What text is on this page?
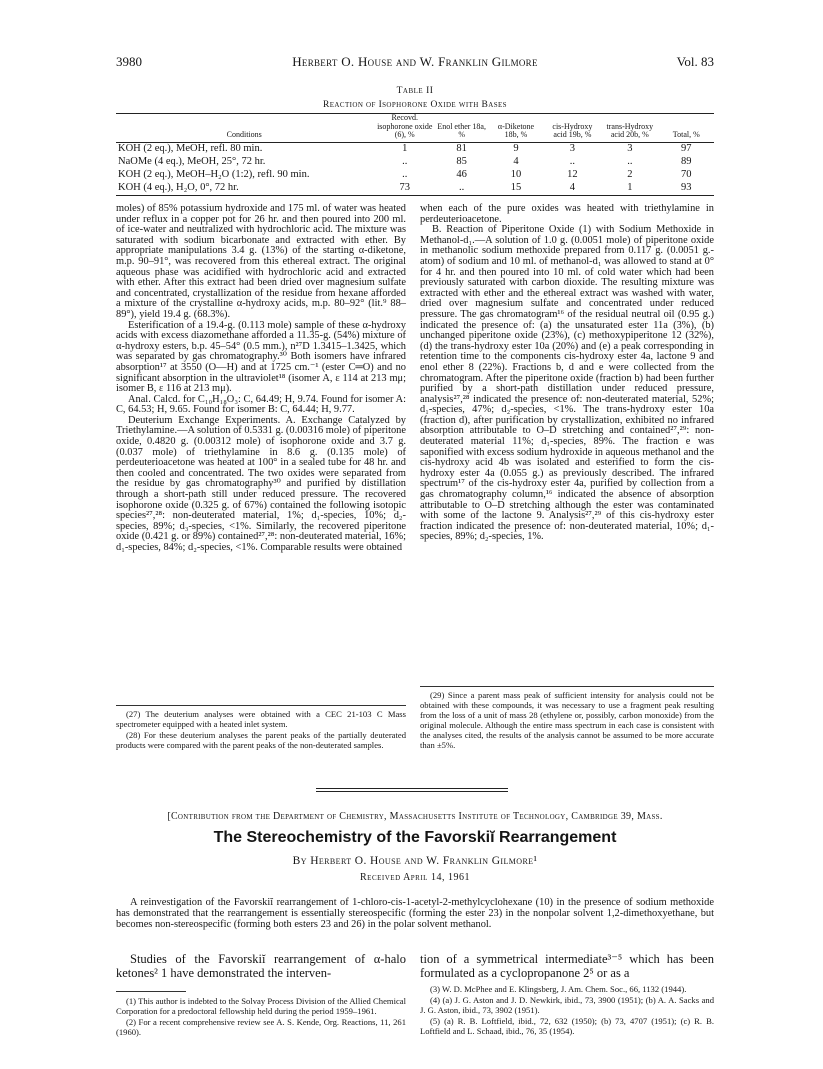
3980	Herbert O. House and W. Franklin Gilmore	Vol. 83
Table II
Reaction of Isophorone Oxide with Bases
Conditions	Recovd. isophorone oxide (6), %	Enol ether 18a, %	α-Diketone 18b, %	cis-Hydroxy acid 19b, %	trans-Hydroxy acid 20b, %	Total, %
KOH (2 eq.), MeOH, refl. 80 min.	1	81	9	3	3	97
NaOMe (4 eq.), MeOH, 25°, 72 hr.	..	85	4	..	..	89
KOH (2 eq.), MeOH–H₂O (1:2), refl. 90 min.	..	46	10	12	2	70
KOH (4 eq.), H₂O, 0°, 72 hr.	73	..	15	4	1	93

moles) of 85% potassium hydroxide and 175 ml. of water was heated under reflux in a copper pot for 26 hr. and then poured into 200 ml. of ice-water and neutralized with hydrochloric acid. The mixture was saturated with sodium bicarbonate and extracted with ether. By appropriate manipulations 3.4 g. (13%) of the starting α-diketone, m.p. 90–91°, was recovered from this ethereal extract. The original aqueous phase was acidified with hydrochloric acid and extracted with ether. After this extract had been dried over magnesium sulfate and concentrated, crystallization of the residue from hexane afforded a mixture of the crystalline α-hydroxy acids, m.p. 80–92° (lit.⁹ 88–89°), yield 19.4 g. (68.3%).

Esterification of a 19.4-g. (0.113 mole) sample of these α-hydroxy acids with excess diazomethane afforded a 11.35-g. (54%) mixture of α-hydroxy esters, b.p. 45–54° (0.5 mm.), n²⁷D 1.3415–1.3425, which was separated by gas chromatography.³⁰ Both isomers have infrared absorption¹⁷ at 3550 (O—H) and at 1725 cm.⁻¹ (ester C═O) and no significant absorption in the ultraviolet¹⁸ (isomer A, ε 114 at 213 mμ; isomer B, ε 116 at 213 mμ).

Anal. Calcd. for C₁₀H₁₈O₃: C, 64.49; H, 9.74. Found for isomer A: C, 64.53; H, 9.65. Found for isomer B: C, 64.44; H, 9.77.

Deuterium Exchange Experiments. A. Exchange Catalyzed by Triethylamine.—A solution of 0.5331 g. (0.00316 mole) of piperitone oxide, 0.4820 g. (0.00312 mole) of isophorone oxide and 3.7 g. (0.037 mole) of triethylamine in 8.6 g. (0.135 mole) of perdeuterioacetone was heated at 100° in a sealed tube for 48 hr. and then cooled and concentrated. The two oxides were separated from the residue by gas chromatography³⁰ and purified by distillation through a short-path still under reduced pressure. The recovered isophorone oxide (0.325 g. of 67%) contained the following isotopic species²⁷,²⁸: non-deuterated material, 1%; d₁-species, 10%; d₂-species, 89%; d₃-species, <1%. Similarly, the recovered piperitone oxide (0.421 g. or 89%) contained²⁷,²⁸: non-deuterated material, 16%; d₁-species, 84%; d₂-species, <1%. Comparable results were obtained

(27) The deuterium analyses were obtained with a CEC 21-103 C Mass spectrometer equipped with a heated inlet system.

(28) For these deuterium analyses the parent peaks of the partially deuterated products were compared with the parent peaks of the non-deuterated samples.

when each of the pure oxides was heated with triethylamine in perdeuterioacetone.

B. Reaction of Piperitone Oxide (1) with Sodium Methoxide in Methanol-d₁.—A solution of 1.0 g. (0.0051 mole) of piperitone oxide in methanolic sodium methoxide prepared from 0.117 g. (0.0051 g.-atom) of sodium and 10 ml. of methanol-d₁ was allowed to stand at 0° for 4 hr. and then poured into 10 ml. of cold water which had been previously saturated with carbon dioxide. The resulting mixture was extracted with ether and the ethereal extract was washed with water, dried over magnesium sulfate and concentrated under reduced pressure. The gas chromatogram¹⁶ of the residual neutral oil (0.95 g.) indicated the presence of: (a) the unsaturated ester 11a (3%), (b) unchanged piperitone oxide (23%), (c) methoxypiperitone 12 (32%), (d) the trans-hydroxy ester 10a (20%) and (e) a peak corresponding in retention time to the components cis-hydroxy ester 4a, lactone 9 and enol ether 8 (22%). Fractions b, d and e were collected from the chromatogram. After the piperitone oxide (fraction b) had been further purified by a short-path distillation under reduced pressure, analysis²⁷,²⁸ indicated the presence of: non-deuterated material, 52%; d₁-species, 47%; d₂-species, <1%. The trans-hydroxy ester 10a (fraction d), after purification by crystallization, exhibited no infrared absorption attributable to O–D stretching and contained²⁷,²⁹: non-deuterated material 11%; d₁-species, 89%. The fraction e was saponified with excess sodium hydroxide in aqueous methanol and the cis-hydroxy acid 4b was isolated and esterified to form the cis-hydroxy ester 4a (0.055 g.) as previously described. The infrared spectrum¹⁷ of the cis-hydroxy ester 4a, purified by collection from a gas chromatography column,¹⁶ indicated the absence of absorption attributable to O–D stretching although the ester was contaminated with some of the lactone 9. Analysis²⁷,²⁹ of this cis-hydroxy ester fraction indicated the presence of: non-deuterated material, 10%; d₁-species, 89%; d₂-species, 1%.

(29) Since a parent mass peak of sufficient intensity for analysis could not be obtained with these compounds, it was necessary to use a fragment peak resulting from the loss of a unit of mass 28 (ethylene or, possibly, carbon monoxide) from the original molecule. Although the entire mass spectrum in each case is consistent with the analyses cited, the results of the analysis cannot be assumed to be more accurate than ±5%.

[Contribution from the Department of Chemistry, Massachusetts Institute of Technology, Cambridge 39, Mass.
The Stereochemistry of the Favorskiĭ Rearrangement
By Herbert O. House and W. Franklin Gilmore¹
Received April 14, 1961

A reinvestigation of the Favorskiĭ rearrangement of 1-chloro-cis-1-acetyl-2-methylcyclohexane (10) in the presence of sodium methoxide has demonstrated that the rearrangement is essentially stereospecific (forming the ester 23) in the nonpolar solvent 1,2-dimethoxyethane, but becomes non-stereospecific (forming both esters 23 and 26) in the polar solvent methanol.

Studies of the Favorskiĭ rearrangement of α-halo ketones² 1 have demonstrated the interven-

tion of a symmetrical intermediate³⁻⁵ which has been formulated as a cyclopropanone 2⁵ or as a

(1) This author is indebted to the Solvay Process Division of the Allied Chemical Corporation for a predoctoral fellowship held during the period 1959–1961.

(2) For a recent comprehensive review see A. S. Kende, Org. Reactions, 11, 261 (1960).

(3) W. D. McPhee and E. Klingsberg, J. Am. Chem. Soc., 66, 1132 (1944).

(4) (a) J. G. Aston and J. D. Newkirk, ibid., 73, 3900 (1951); (b) A. A. Sacks and J. G. Aston, ibid., 73, 3902 (1951).

(5) (a) R. B. Loftfield, ibid., 72, 632 (1950); (b) 73, 4707 (1951); (c) R. B. Loftfield and L. Schaad, ibid., 76, 35 (1954).
